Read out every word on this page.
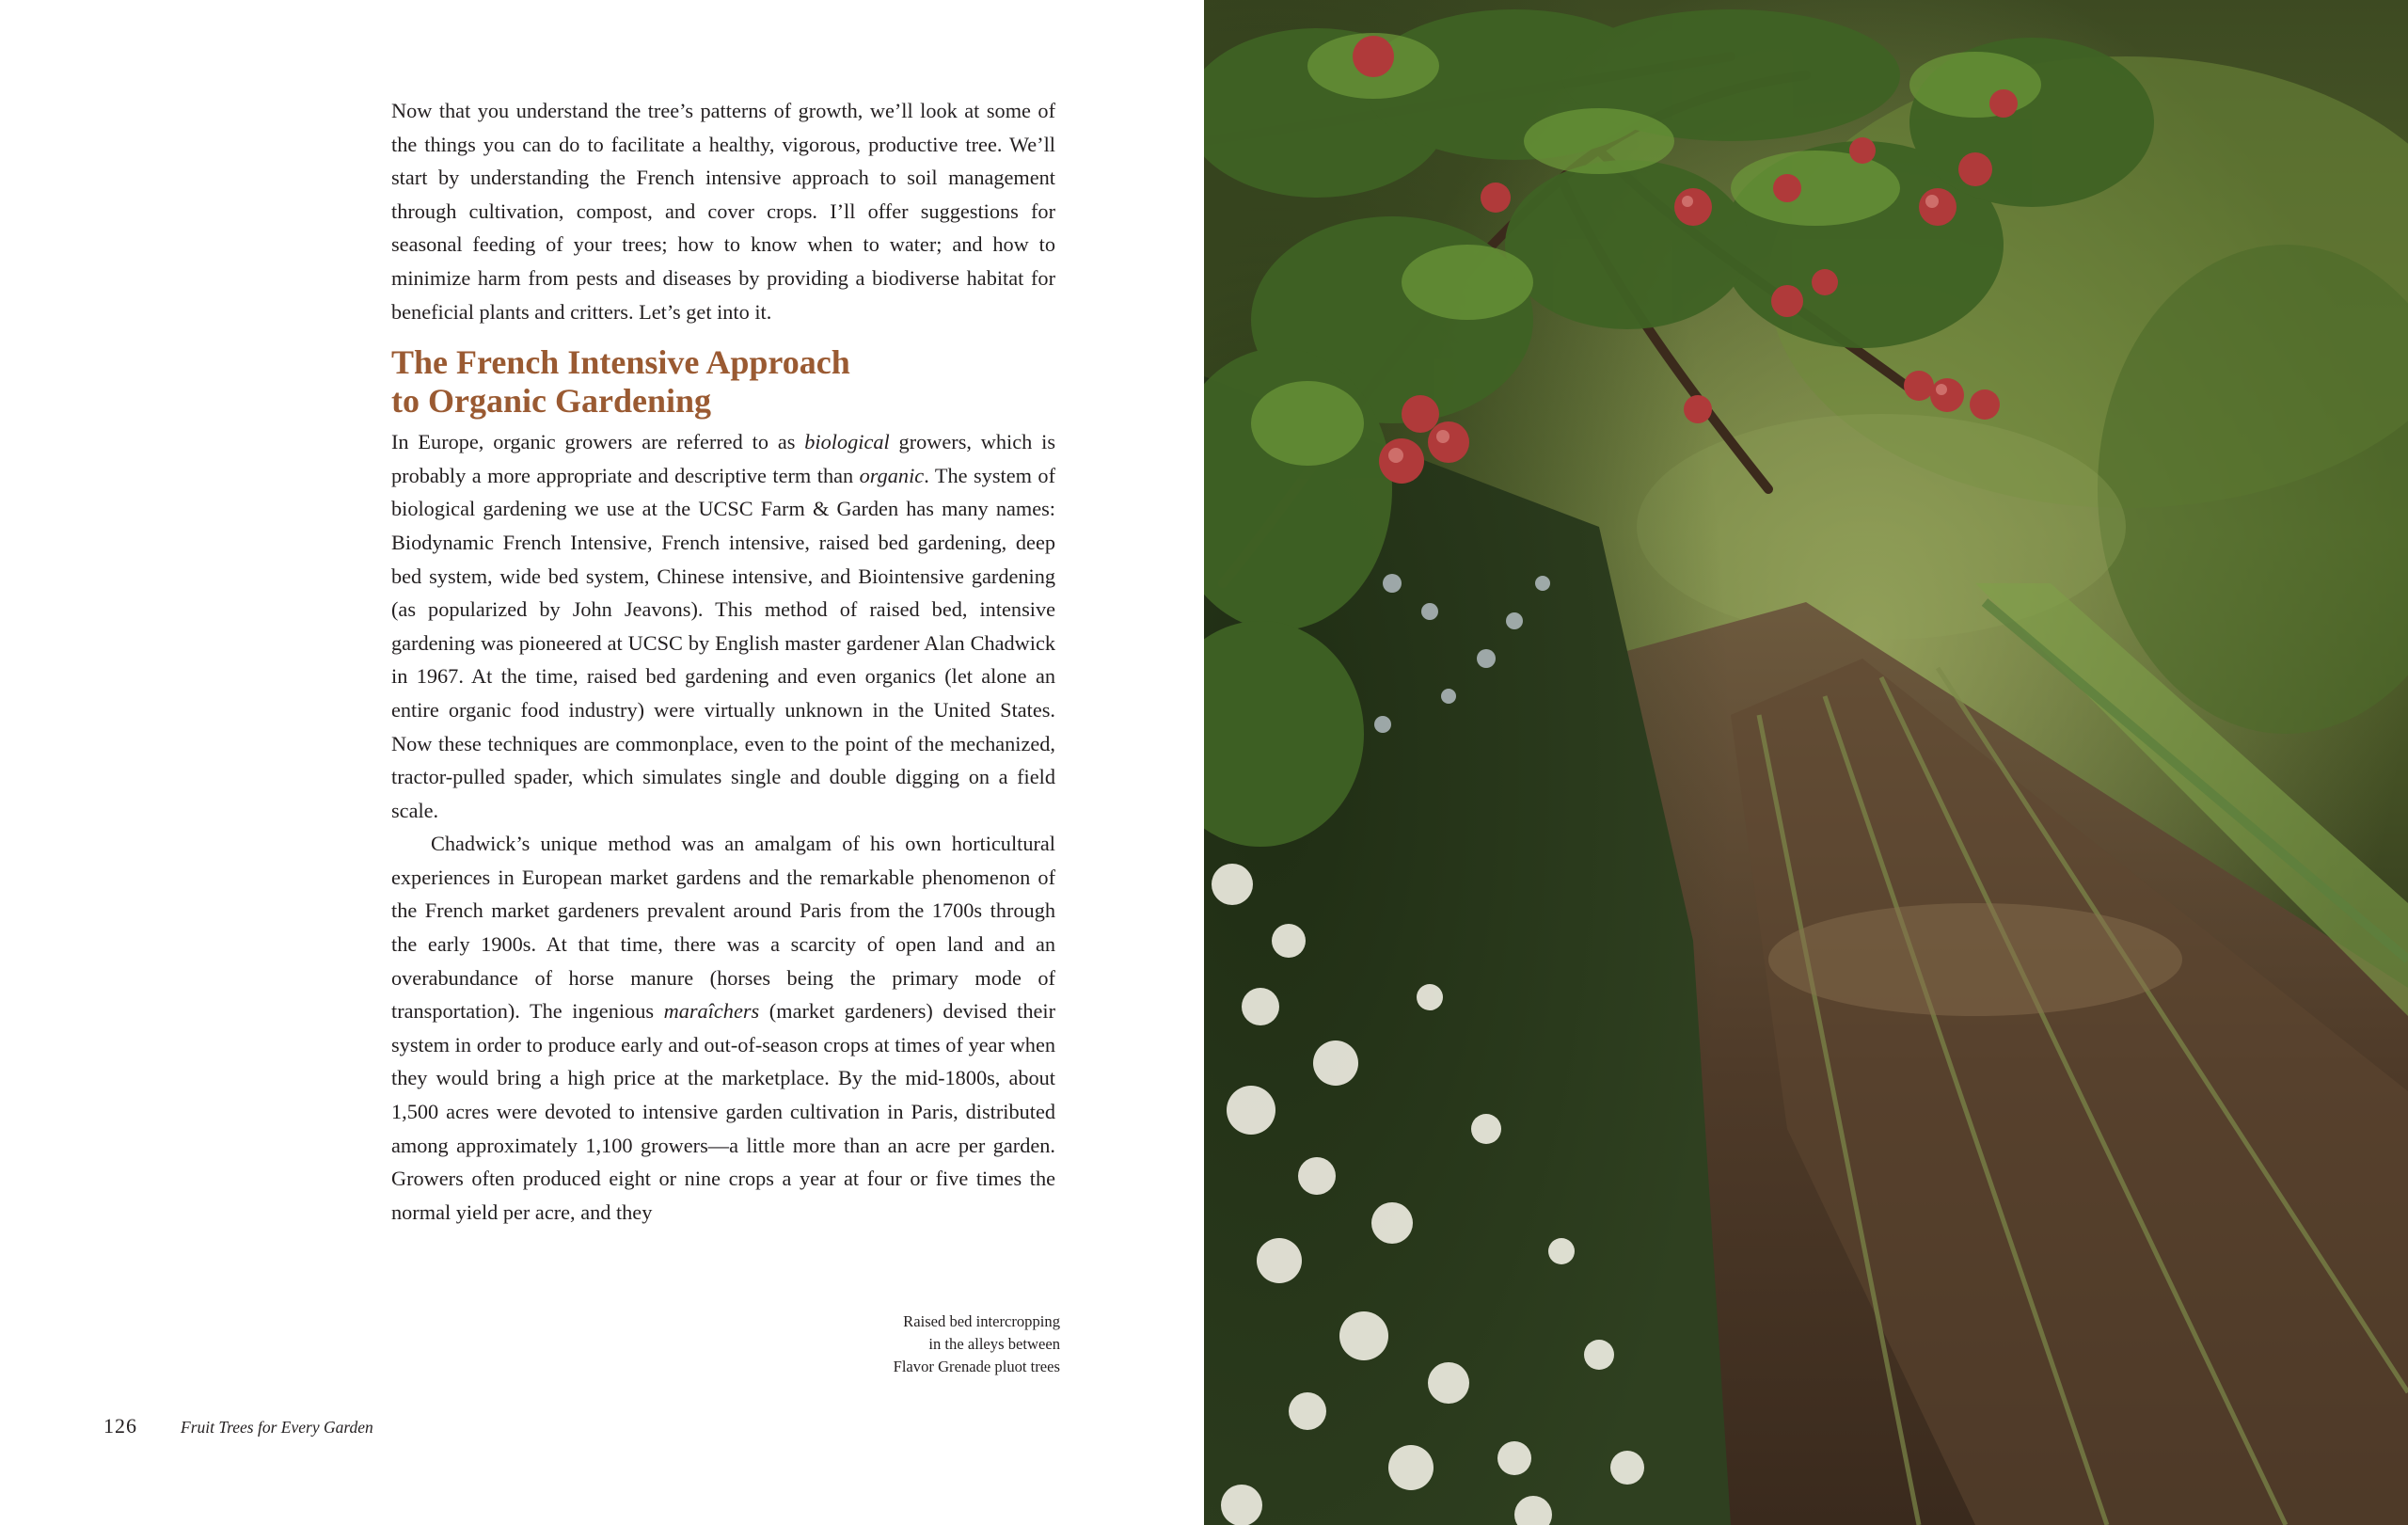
Now that you understand the tree’s patterns of growth, we’ll look at some of the things you can do to facilitate a healthy, vigorous, productive tree. We’ll start by understanding the French intensive approach to soil management through cultivation, compost, and cover crops. I’ll offer suggestions for seasonal feeding of your trees; how to know when to water; and how to minimize harm from pests and diseases by providing a biodiverse habitat for beneficial plants and critters. Let’s get into it.

The French Intensive Approach
to Organic Gardening

In Europe, organic growers are referred to as biological growers, which is probably a more appropriate and descriptive term than organic. The system of biological gardening we use at the UCSC Farm & Garden has many names: Biodynamic French Intensive, French intensive, raised bed gardening, deep bed system, wide bed system, Chinese intensive, and Biointensive gardening (as popularized by John Jeavons). This method of raised bed, intensive gardening was pioneered at UCSC by English master gardener Alan Chadwick in 1967. At the time, raised bed gardening and even organics (let alone an entire organic food industry) were virtually unknown in the United States. Now these techniques are commonplace, even to the point of the mechanized, tractor-pulled spader, which simulates single and double digging on a field scale.

Chadwick’s unique method was an amalgam of his own horticultural experiences in European market gardens and the remarkable phenomenon of the French market gardeners prevalent around Paris from the 1700s through the early 1900s. At that time, there was a scarcity of open land and an overabundance of horse manure (horses being the primary mode of transportation). The ingenious maraîchers (market gardeners) devised their system in order to produce early and out-of-season crops at times of year when they would bring a high price at the marketplace. By the mid-1800s, about 1,500 acres were devoted to intensive garden cultivation in Paris, distributed among approximately 1,100 growers—a little more than an acre per garden. Growers often produced eight or nine crops a year at four or five times the normal yield per acre, and they

Raised bed intercropping
in the alleys between
Flavor Grenade pluot trees
126	Fruit Trees for Every Garden
